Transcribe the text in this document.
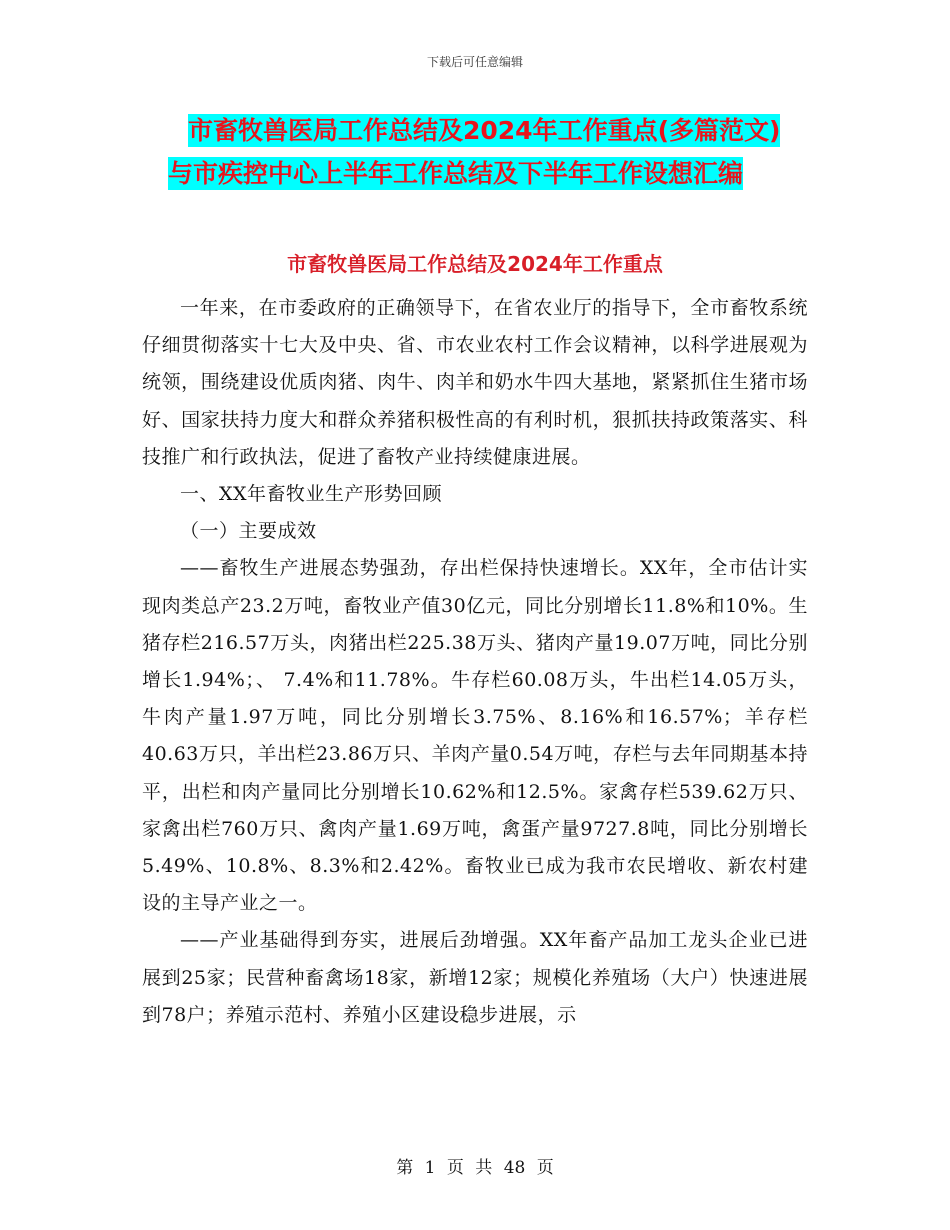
下载后可任意编辑
市畜牧兽医局工作总结及2024年工作重点(多篇范文)
与市疾控中心上半年工作总结及下半年工作设想汇编
市畜牧兽医局工作总结及2024年工作重点

一年来，在市委政府的正确领导下，在省农业厅的指导下，全市畜牧系统仔细贯彻落实十七大及中央、省、市农业农村工作会议精神，以科学进展观为统领，围绕建设优质肉猪、肉牛、肉羊和奶水牛四大基地，紧紧抓住生猪市场好、国家扶持力度大和群众养猪积极性高的有利时机，狠抓扶持政策落实、科技推广和行政执法，促进了畜牧产业持续健康进展。

一、XX年畜牧业生产形势回顾

（一）主要成效

——畜牧生产进展态势强劲，存出栏保持快速增长。XX年，全市估计实现肉类总产23.2万吨，畜牧业产值30亿元，同比分别增长11.8%和10%。生猪存栏216.57万头，肉猪出栏225.38万头、猪肉产量19.07万吨，同比分别增长1.94%；、 7.4%和11.78%。牛存栏60.08万头，牛出栏14.05万头，牛肉产量1.97万吨，同比分别增长3.75%、8.16%和16.57%；羊存栏40.63万只，羊出栏23.86万只、羊肉产量0.54万吨，存栏与去年同期基本持平，出栏和肉产量同比分别增长10.62%和12.5%。家禽存栏539.62万只、家禽出栏760万只、禽肉产量1.69万吨，禽蛋产量9727.8吨，同比分别增长5.49%、10.8%、8.3%和2.42%。畜牧业已成为我市农民增收、新农村建设的主导产业之一。

——产业基础得到夯实，进展后劲增强。XX年畜产品加工龙头企业已进展到25家；民营种畜禽场18家，新增12家；规模化养殖场（大户）快速进展到78户；养殖示范村、养殖小区建设稳步进展，示

第 1 页 共 48 页
